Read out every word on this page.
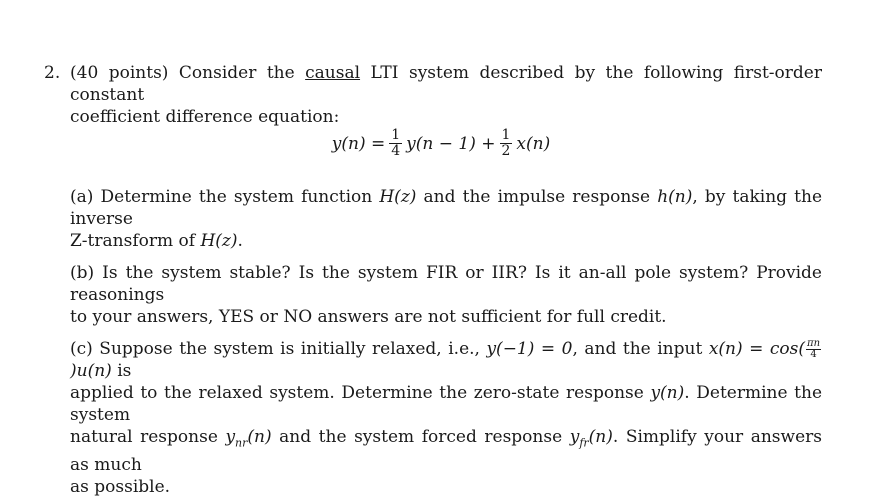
2. (40 points) Consider the causal LTI system described by the following first-order constant
coefficient difference equation:
$y(n) = \frac{1}{4} y(n - 1) + \frac{1}{2} x(n)$
(a) Determine the system function H(z) and the impulse response h(n), by taking the inverse
Z-transform of H(z).
(b) Is the system stable? Is the system FIR or IIR? Is it an-all pole system? Provide reasonings
to your answers, YES or NO answers are not sufficient for full credit.
(c) Suppose the system is initially relaxed, i.e., y(−1) = 0, and the input $x(n) = \cos( \frac{\pi n}{4}$
)u(n) is
applied to the relaxed system. Determine the zero-state response y(n). Determine the system
natural response $y_{nr}(n)$ and the system forced response $y_{fr}(n)$. Simplify your answers as much
as possible.
